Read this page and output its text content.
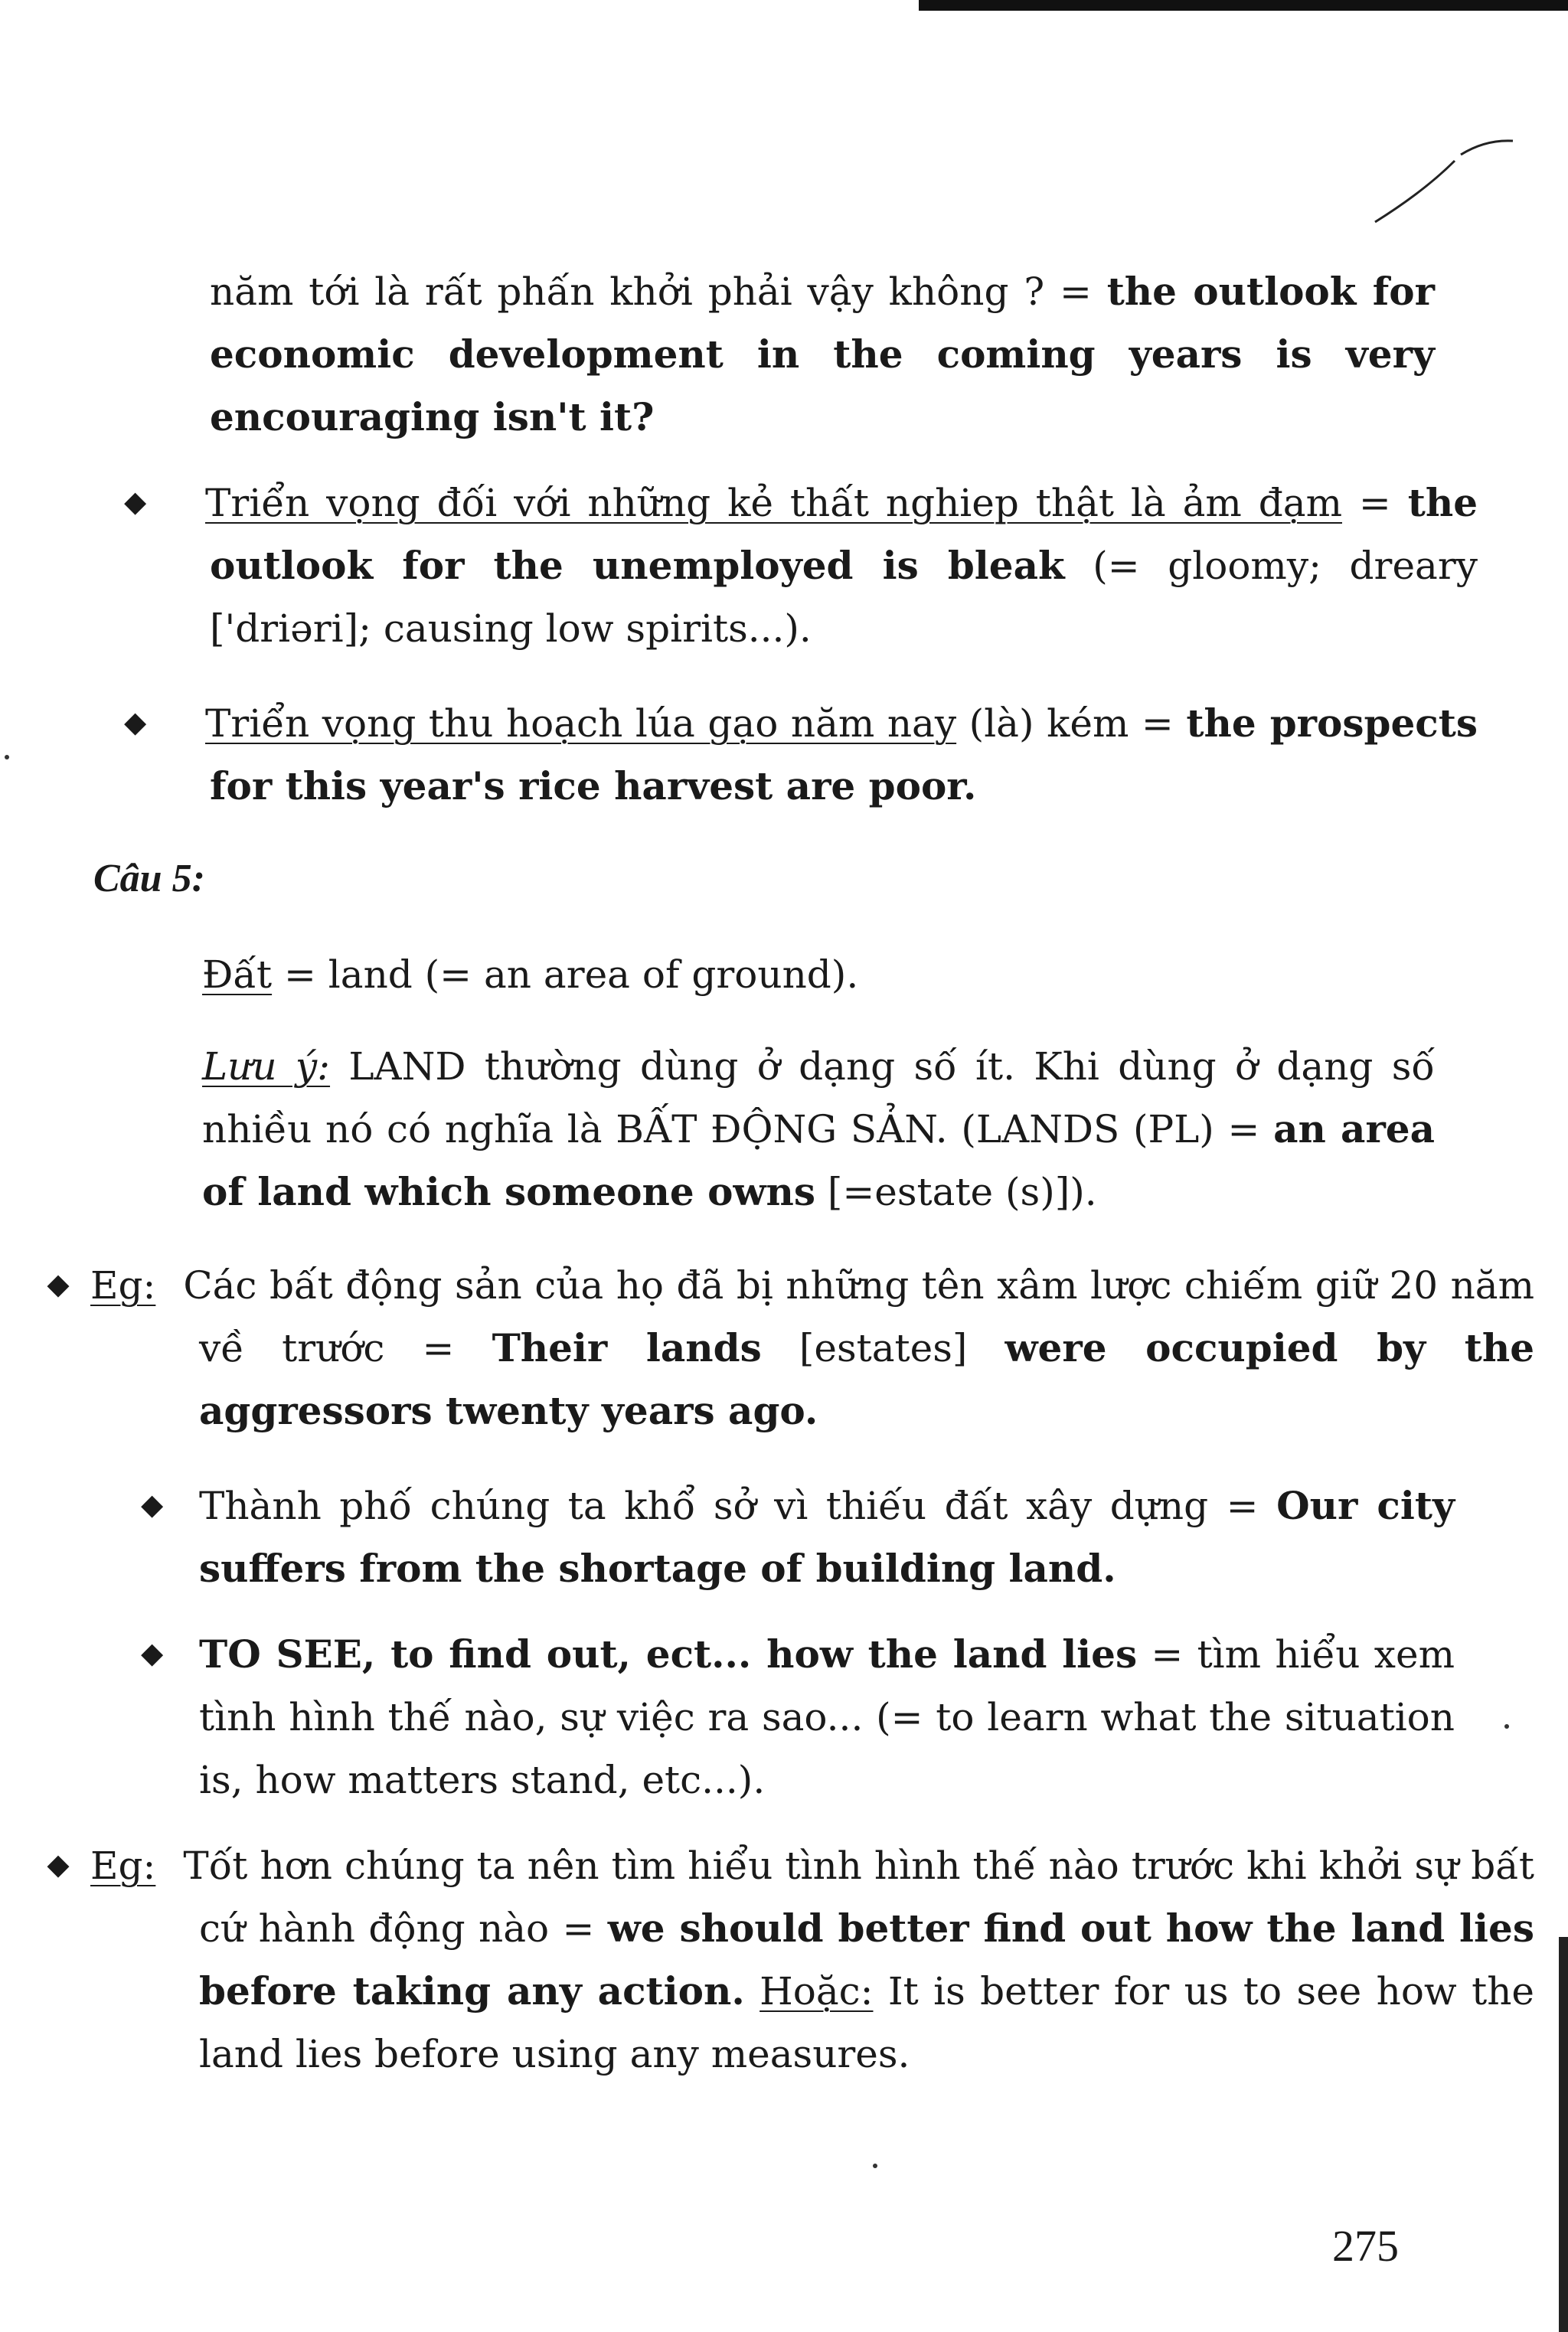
năm tới là rất phấn khởi phải vậy không ? = the outlook for economic development in the coming years is very encouraging isn't it?
◆ Triển vọng đối với những kẻ thất nghiep thật là ảm đạm = the outlook for the unemployed is bleak (= gloomy; dreary ['driəri]; causing low spirits...).
◆ Triển vọng thu hoạch lúa gạo năm nay (là) kém = the prospects for this year's rice harvest are poor.
Câu 5:
Đất = land (= an area of ground).
Lưu ý: LAND thường dùng ở dạng số ít. Khi dùng ở dạng số nhiều nó có nghĩa là BẤT ĐỘNG SẢN. (LANDS (PL) = an area of land which someone owns [=estate (s)]).
Eg:◆	Các bất động sản của họ đã bị những tên xâm lược chiếm giữ 20 năm về trước = Their lands [estates] were occupied by the aggressors twenty years ago.
◆ Thành phố chúng ta khổ sở vì thiếu đất xây dựng = Our city suffers from the shortage of building land.
◆ TO SEE, to find out, ect... how the land lies = tìm hiểu xem tình hình thế nào, sự việc ra sao... (= to learn what the situation is, how matters stand, etc...).
Eg:◆	Tốt hơn chúng ta nên tìm hiểu tình hình thế nào trước khi khởi sự bất cứ hành động nào = we should better find out how the land lies before taking any action. Hoặc: It is better for us to see how the land lies before using any measures.
275
